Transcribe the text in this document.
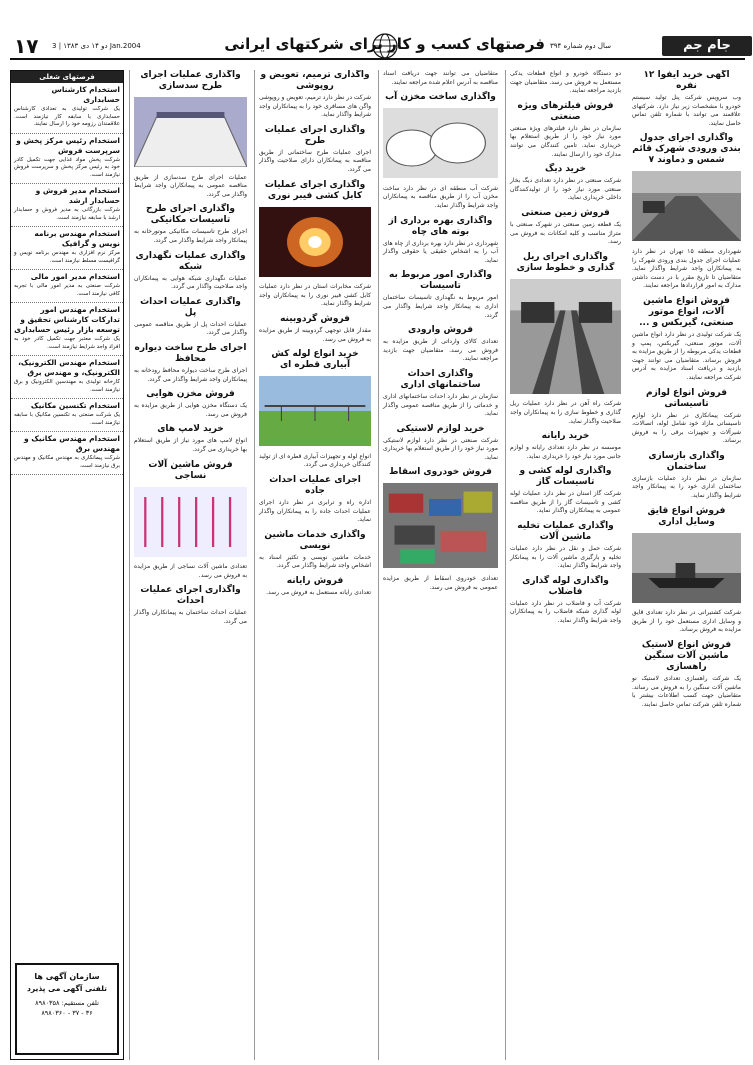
١٧ دو ۱۴ دی ۱۳۸۳ | 3 Jan.2004	فرصتهای کسب و کار برای شرکتهای ایرانی سال دوم شماره ۳۹۴	جام جم
آگهی خرید ایفوا ۱۲ نفره

وب سرویس شرکت پنل تولید سیستم خودرو با مشخصات زیر نیاز دارد. شرکتهای علاقمند می توانند با شماره تلفن تماس حاصل نمایند.

واگذاری اجرای جدول بندی ورودی شهرک قائم شمس و دماوند ۷

شهرداری منطقه ۱۵ تهران در نظر دارد عملیات اجرای جدول بندی ورودی شهرک را به پیمانکاران واجد شرایط واگذار نماید. متقاضیان تا تاریخ مقرر با در دست داشتن مدارک به امور قراردادها مراجعه نمایند.

فروش انواع ماشین آلات، انواع موتور صنعتی، گیربکس و ...

یک شرکت تولیدی در نظر دارد انواع ماشین آلات، موتور صنعتی، گیربکس، پمپ و قطعات یدکی مربوطه را از طریق مزایده به فروش برساند. متقاضیان می توانند جهت بازدید و دریافت اسناد مزایده به آدرس شرکت مراجعه نمایند.

فروش انواع لوازم تاسیساتی

شرکت پیمانکاری در نظر دارد لوازم تاسیساتی مازاد خود شامل لوله، اتصالات، شیرآلات و تجهیزات برقی را به فروش برساند.

واگذاری بازسازی ساختمان

سازمان در نظر دارد عملیات بازسازی ساختمان اداری خود را به پیمانکار واجد شرایط واگذار نماید.

فروش انواع قایق وسایل اداری

شرکت کشتیرانی در نظر دارد تعدادی قایق و وسایل اداری مستعمل خود را از طریق مزایده به فروش برساند.

فروش انواع لاستیک ماشین آلات سنگین راهسازی

یک شرکت راهسازی تعدادی لاستیک نو ماشین آلات سنگین را به فروش می رساند. متقاضیان جهت کسب اطلاعات بیشتر با شماره تلفن شرکت تماس حاصل نمایند.

دو دستگاه خودرو و انواع قطعات یدکی مستعمل به فروش می رسد. متقاضیان جهت بازدید مراجعه نمایند.

فروش فیلترهای ویژه صنعتی

سازمان در نظر دارد فیلترهای ویژه صنعتی مورد نیاز خود را از طریق استعلام بها خریداری نماید. تامین کنندگان می توانند مدارک خود را ارسال نمایند.

خرید دیگ

شرکت صنعتی در نظر دارد تعدادی دیگ بخار صنعتی مورد نیاز خود را از تولیدکنندگان داخلی خریداری نماید.

فروش زمین صنعتی

یک قطعه زمین صنعتی در شهرک صنعتی با متراژ مناسب و کلیه امکانات به فروش می رسد.

واگذاری اجرای ریل گذاری و خطوط سازی

شرکت راه آهن در نظر دارد عملیات ریل گذاری و خطوط سازی را به پیمانکاران واجد صلاحیت واگذار نماید.

خرید رایانه

موسسه در نظر دارد تعدادی رایانه و لوازم جانبی مورد نیاز خود را خریداری نماید.

واگذاری لوله کشی و تاسیسات گاز

شرکت گاز استان در نظر دارد عملیات لوله کشی و تاسیسات گاز را از طریق مناقصه عمومی به پیمانکاران واگذار نماید.

واگذاری عملیات تخلیه ماشین آلات

شرکت حمل و نقل در نظر دارد عملیات تخلیه و بارگیری ماشین آلات را به پیمانکار واجد شرایط واگذار نماید.

واگذاری لوله گذاری فاضلاب

شرکت آب و فاضلاب در نظر دارد عملیات لوله گذاری شبکه فاضلاب را به پیمانکاران واجد شرایط واگذار نماید.

متقاضیان می توانند جهت دریافت اسناد مناقصه به آدرس اعلام شده مراجعه نمایند.

واگذاری ساخت مخزن آب

شرکت آب منطقه ای در نظر دارد ساخت مخزن آب را از طریق مناقصه به پیمانکاران واجد شرایط واگذار نماید.

واگذاری بهره برداری از بوته های چاه

شهرداری در نظر دارد بهره برداری از چاه های آب را به اشخاص حقیقی یا حقوقی واگذار نماید.

واگذاری امور مربوط به تاسیسات

امور مربوط به نگهداری تاسیسات ساختمان اداری به پیمانکار واجد شرایط واگذار می گردد.

فروش وارودی

تعدادی کالای وارداتی از طریق مزایده به فروش می رسد. متقاضیان جهت بازدید مراجعه نمایند.

واگذاری احداث ساختمانهای اداری

سازمان در نظر دارد احداث ساختمانهای اداری و خدماتی را از طریق مناقصه عمومی واگذار نماید.

خرید لوازم لاستیکی

شرکت صنعتی در نظر دارد لوازم لاستیکی مورد نیاز خود را از طریق استعلام بها خریداری نماید.

فروش خودروی اسقاط

تعدادی خودروی اسقاط از طریق مزایده عمومی به فروش می رسد.

واگذاری ترمیم، تعویض و روپوشی

شرکت در نظر دارد ترمیم، تعویض و روپوشی واگن های مسافری خود را به پیمانکاران واجد شرایط واگذار نماید.

واگذاری اجرای عملیات طرح

اجرای عملیات طرح ساختمانی از طریق مناقصه به پیمانکاران دارای صلاحیت واگذار می گردد.

واگذاری اجرای عملیات کابل کشی فیبر نوری

شرکت مخابرات استان در نظر دارد عملیات کابل کشی فیبر نوری را به پیمانکاران واجد شرایط واگذار نماید.

فروش گردوبینه

مقدار قابل توجهی گردوبینه از طریق مزایده به فروش می رسد.

خرید انواع لوله کش آبیاری قطره ای

انواع لوله و تجهیزات آبیاری قطره ای از تولید کنندگان خریداری می گردد.

اجرای عملیات احداث جاده

اداره راه و ترابری در نظر دارد اجرای عملیات احداث جاده را به پیمانکاران واگذار نماید.

واگذاری خدمات ماشین نویسی

خدمات ماشین نویسی و تکثیر اسناد به اشخاص واجد شرایط واگذار می گردد.

فروش رایانه

تعدادی رایانه مستعمل به فروش می رسد.

واگذاری عملیات اجرای طرح سدسازی

عملیات اجرای طرح سدسازی از طریق مناقصه عمومی به پیمانکاران واجد شرایط واگذار می گردد.

واگذاری اجرای طرح تاسیسات مکانیکی

اجرای طرح تاسیسات مکانیکی موتورخانه به پیمانکار واجد شرایط واگذار می گردد.

واگذاری عملیات نگهداری شبکه

عملیات نگهداری شبکه هوایی به پیمانکاران واجد صلاحیت واگذار می گردد.

واگذاری عملیات احداث پل

عملیات احداث پل از طریق مناقصه عمومی واگذار می گردد.

اجرای طرح ساخت دیواره محافظ

اجرای طرح ساخت دیواره محافظ رودخانه به پیمانکاران واجد شرایط واگذار می گردد.

فروش مخزن هوایی

یک دستگاه مخزن هوایی از طریق مزایده به فروش می رسد.

خرید لامپ های

انواع لامپ های مورد نیاز از طریق استعلام بها خریداری می گردد.

فروش ماشین آلات نساجی

تعدادی ماشین آلات نساجی از طریق مزایده به فروش می رسد.

واگذاری اجرای عملیات احداث

عملیات احداث ساختمان به پیمانکاران واگذار می گردد.

فرصتهای شغلی
استخدام کارشناس حسابداری

یک شرکت تولیدی به تعدادی کارشناس حسابداری با سابقه کار نیازمند است. علاقمندان رزومه خود را ارسال نمایند.

استخدام رئیس مرکز پخش و سرپرست فروش

شرکت پخش مواد غذایی جهت تکمیل کادر خود به رئیس مرکز پخش و سرپرست فروش نیازمند است.

استخدام مدیر فروش و حسابدار ارشد

شرکت بازرگانی به مدیر فروش و حسابدار ارشد با سابقه نیازمند است.

استخدام مهندس برنامه نویس و گرافیک

مرکز نرم افزاری به مهندس برنامه نویس و گرافیست مسلط نیازمند است.

استخدام مدیر امور مالی

شرکت صنعتی به مدیر امور مالی با تجربه کافی نیازمند است.

استخدام مهندس امور تدارکات کارشناس تحقیق و توسعه بازار رئیس حسابداری

یک شرکت معتبر جهت تکمیل کادر خود به افراد واجد شرایط نیازمند است.

استخدام مهندس الکترونیک، الکترونیک، و مهندس برق

کارخانه تولیدی به مهندسین الکترونیک و برق نیازمند است.

استخدام تکنسین مکانیک

یک شرکت صنعتی به تکنسین مکانیک با سابقه نیازمند است.

استخدام مهندس مکانیک و مهندس برق

شرکت پیمانکاری به مهندس مکانیک و مهندس برق نیازمند است.

سازمان آگهی ها
تلفنی آگهی می پذیرد
تلفن مستقیم: ۸۹۸۰۳۵۸
۸۹۸۰۳۶۰ - ۳۷ - ۳۶
